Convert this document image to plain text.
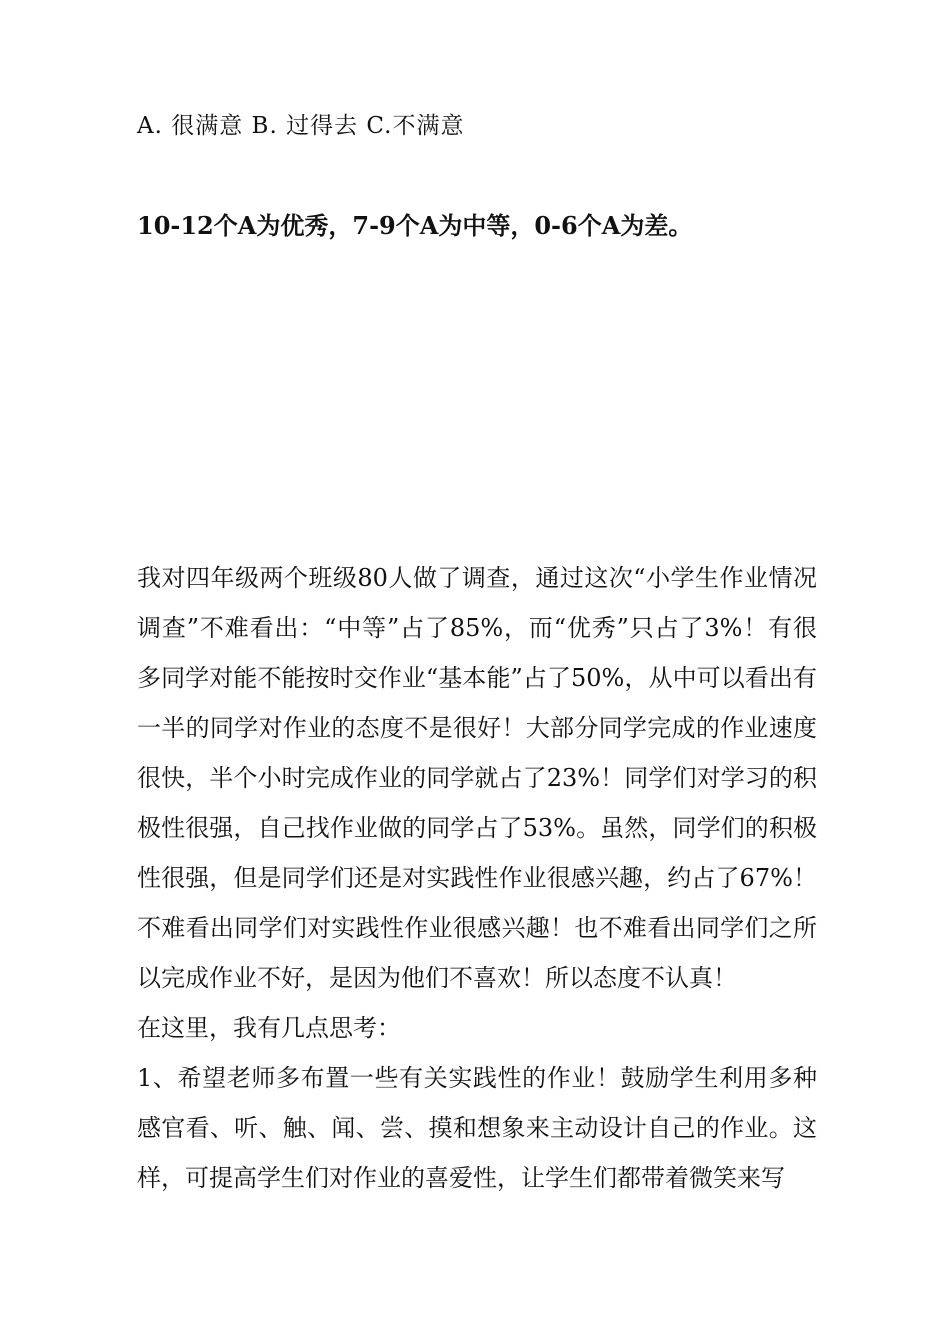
A. 很满意 B. 过得去 C.不满意
10-12个A为优秀，7-9个A为中等，0-6个A为差。

我对四年级两个班级80人做了调查，通过这次“小学生作业情况调查”不难看出：“中等”占了85%，而“优秀”只占了3%！有很多同学对能不能按时交作业“基本能”占了50%，从中可以看出有一半的同学对作业的态度不是很好！大部分同学完成的作业速度很快，半个小时完成作业的同学就占了23%！同学们对学习的积极性很强，自己找作业做的同学占了53%。虽然，同学们的积极性很强，但是同学们还是对实践性作业很感兴趣，约占了67%！不难看出同学们对实践性作业很感兴趣！也不难看出同学们之所以完成作业不好，是因为他们不喜欢！所以态度不认真！

在这里，我有几点思考：

1、希望老师多布置一些有关实践性的作业！鼓励学生利用多种感官看、听、触、闻、尝、摸和想象来主动设计自己的作业。这样，可提高学生们对作业的喜爱性，让学生们都带着微笑来写
